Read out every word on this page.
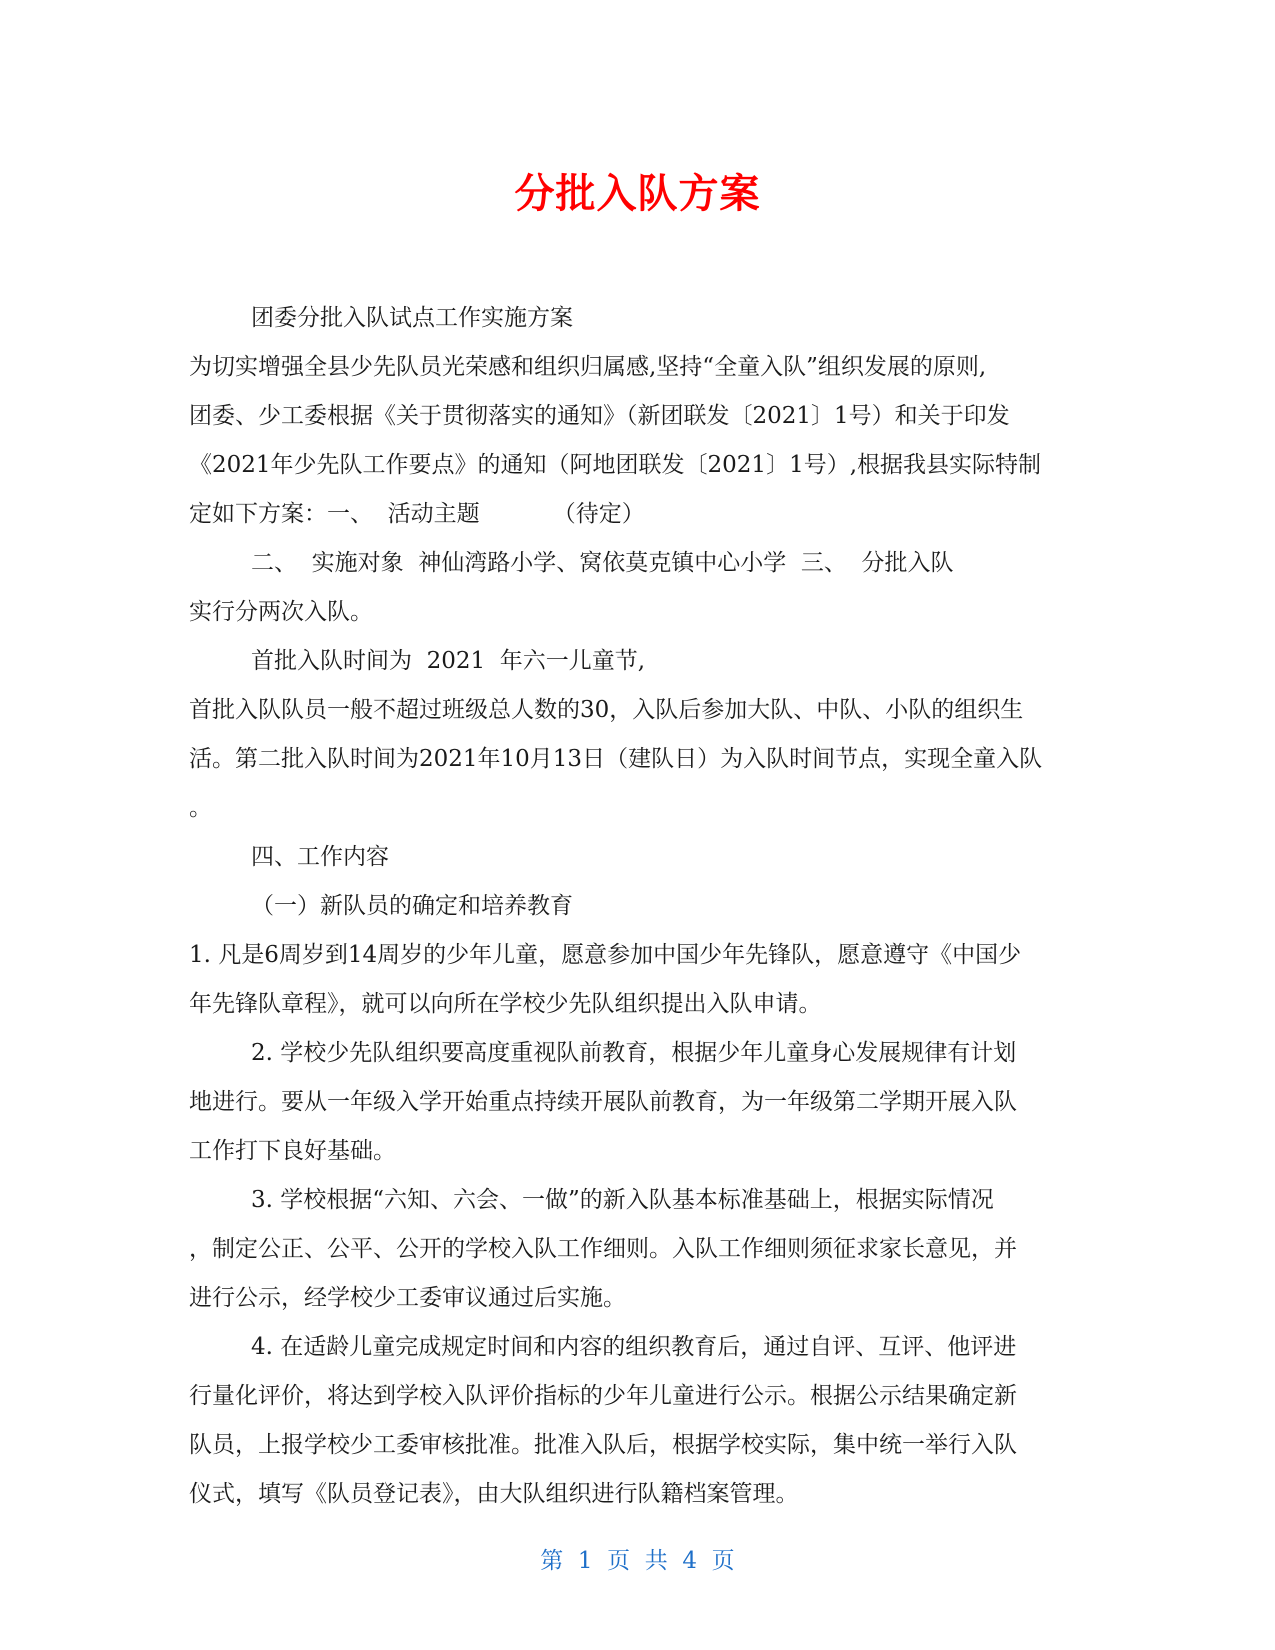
分批入队方案
团委分批入队试点工作实施方案
为切实增强全县少先队员光荣感和组织归属感,坚持“全童入队”组织发展的原则,
团委、少工委根据《关于贯彻落实的通知》（新团联发〔2021〕1号）和关于印发
《2021年少先队工作要点》的通知（阿地团联发〔2021〕1号）,根据我县实际特制
定如下方案：一、  活动主题          （待定）
二、  实施对象  神仙湾路小学、窝依莫克镇中心小学  三、  分批入队
实行分两次入队。
首批入队时间为  2021  年六一儿童节,
首批入队队员一般不超过班级总人数的30，入队后参加大队、中队、小队的组织生
活。第二批入队时间为2021年10月13日（建队日）为入队时间节点，实现全童入队
。
四、工作内容
（一）新队员的确定和培养教育
1. 凡是6周岁到14周岁的少年儿童，愿意参加中国少年先锋队，愿意遵守《中国少
年先锋队章程》，就可以向所在学校少先队组织提出入队申请。
2. 学校少先队组织要高度重视队前教育，根据少年儿童身心发展规律有计划
地进行。要从一年级入学开始重点持续开展队前教育，为一年级第二学期开展入队
工作打下良好基础。
3. 学校根据“六知、六会、一做”的新入队基本标准基础上，根据实际情况
，制定公正、公平、公开的学校入队工作细则。入队工作细则须征求家长意见，并
进行公示，经学校少工委审议通过后实施。
4. 在适龄儿童完成规定时间和内容的组织教育后，通过自评、互评、他评进
行量化评价，将达到学校入队评价指标的少年儿童进行公示。根据公示结果确定新
队员，上报学校少工委审核批准。批准入队后，根据学校实际，集中统一举行入队
仪式，填写《队员登记表》，由大队组织进行队籍档案管理。
第  1  页  共  4  页
